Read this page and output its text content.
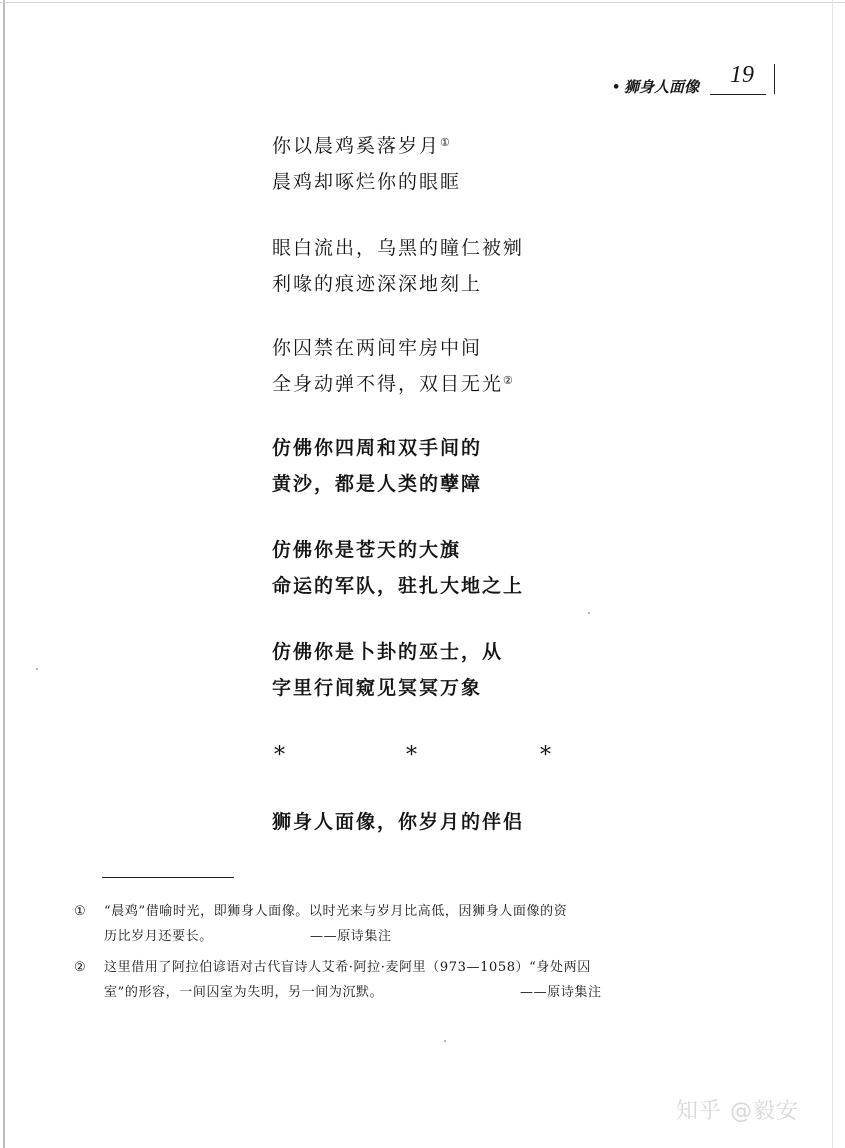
• 狮身人面像 19
你以晨鸡奚落岁月①
晨鸡却啄烂你的眼眶
眼白流出，乌黑的瞳仁被剜
利喙的痕迹深深地刻上
你囚禁在两间牢房中间
全身动弹不得，双目无光②
仿佛你四周和双手间的
黄沙，都是人类的孽障
仿佛你是苍天的大旗
命运的军队，驻扎大地之上
仿佛你是卜卦的巫士，从
字里行间窥见冥冥万象
*	*	*
狮身人面像，你岁月的伴侣
①	“晨鸡”借喻时光，即狮身人面像。以时光来与岁月比高低，因狮身人面像的资
历比岁月还要长。	——原诗集注
②	这里借用了阿拉伯谚语对古代盲诗人艾希·阿拉·麦阿里（973—1058）“身处两囚
室”的形容，一间囚室为失明，另一间为沉默。	——原诗集注
知乎 @毅安
